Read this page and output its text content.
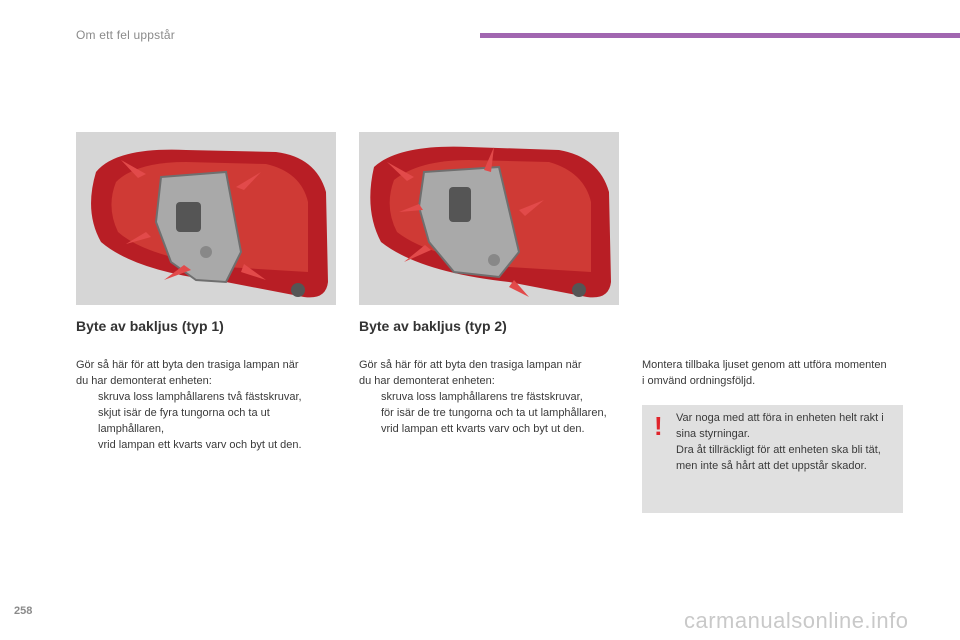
Om ett fel uppstår
Byte av bakljus (typ 1)	Byte av bakljus (typ 2)

Gör så här för att byta den trasiga lampan när

du har demonterat enheten:

skruva loss lamphållarens två fästskruvar,
skjut isär de fyra tungorna och ta ut lamphållaren,
vrid lampan ett kvarts varv och byt ut den.

Gör så här för att byta den trasiga lampan när

du har demonterat enheten:

skruva loss lamphållarens tre fästskruvar,
för isär de tre tungorna och ta ut lamphållaren,
vrid lampan ett kvarts varv och byt ut den.

Montera tillbaka ljuset genom att utföra momenten i omvänd ordningsföljd.

! Var noga med att föra in enheten helt rakt i sina styrningar.
Dra åt tillräckligt för att enheten ska bli tät, men inte så hårt att det uppstår skador.
258	carmanualsonline.info
